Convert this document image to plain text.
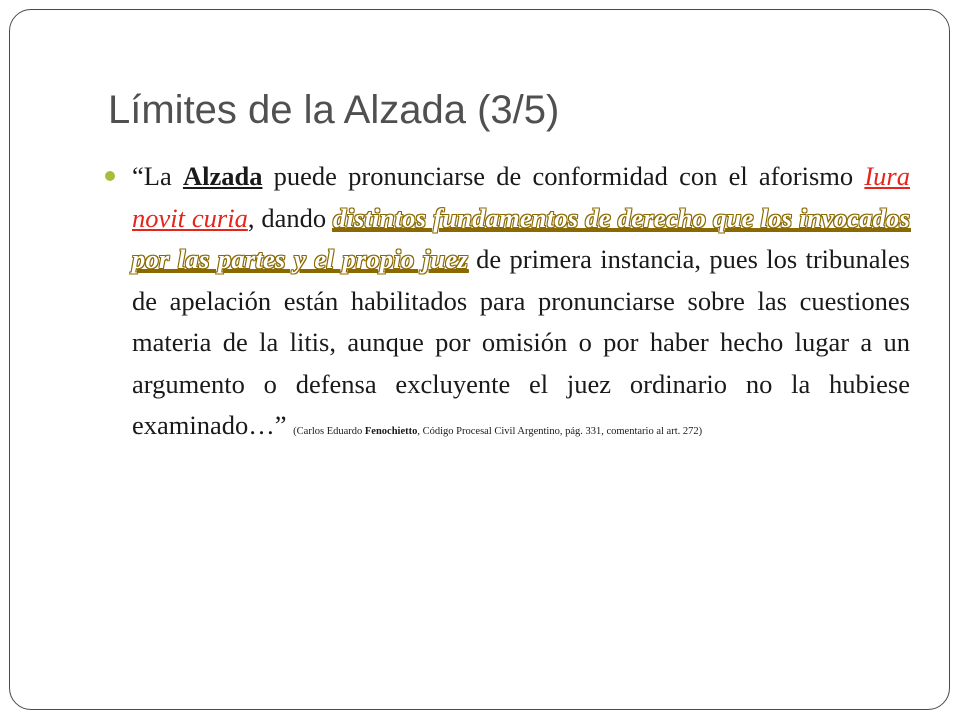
Límites de la Alzada (3/5)

“La Alzada puede pronunciarse de conformidad con el aforismo Iura novit curia, dando distintos fundamentos de derecho que los invocados por las partes y el propio juez de primera instancia, pues los tribunales de apelación están habilitados para pronunciarse sobre las cuestiones materia de la litis, aunque por omisión o por haber hecho lugar a un argumento o defensa excluyente el juez ordinario no la hubiese examinado…” (Carlos Eduardo Fenochietto, Código Procesal Civil Argentino, pág. 331, comentario al art. 272)
